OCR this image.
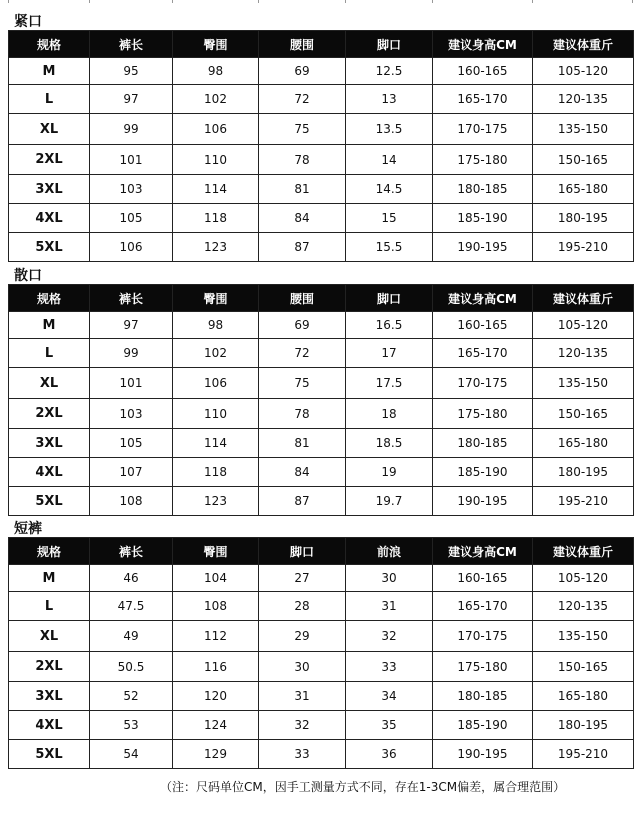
紧口
规格	裤长	臀围	腰围	脚口	建议身高CM	建议体重斤
M	95	98	69	12.5	160-165	105-120
L	97	102	72	13	165-170	120-135
XL	99	106	75	13.5	170-175	135-150
2XL	101	110	78	14	175-180	150-165
3XL	103	114	81	14.5	180-185	165-180
4XL	105	118	84	15	185-190	180-195
5XL	106	123	87	15.5	190-195	195-210
散口
规格	裤长	臀围	腰围	脚口	建议身高CM	建议体重斤
M	97	98	69	16.5	160-165	105-120
L	99	102	72	17	165-170	120-135
XL	101	106	75	17.5	170-175	135-150
2XL	103	110	78	18	175-180	150-165
3XL	105	114	81	18.5	180-185	165-180
4XL	107	118	84	19	185-190	180-195
5XL	108	123	87	19.7	190-195	195-210
短裤
规格	裤长	臀围	脚口	前浪	建议身高CM	建议体重斤
M	46	104	27	30	160-165	105-120
L	47.5	108	28	31	165-170	120-135
XL	49	112	29	32	170-175	135-150
2XL	50.5	116	30	33	175-180	150-165
3XL	52	120	31	34	180-185	165-180
4XL	53	124	32	35	185-190	180-195
5XL	54	129	33	36	190-195	195-210
（注：尺码单位CM，因手工测量方式不同，存在1-3CM偏差，属合理范围）
